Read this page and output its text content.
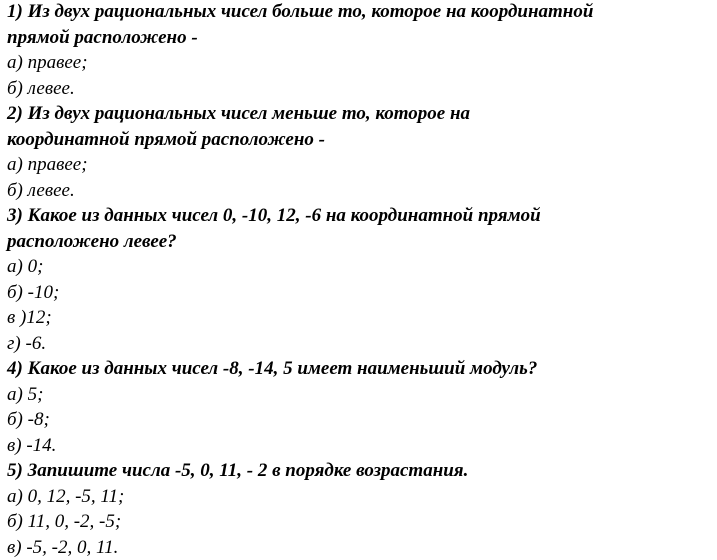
1) Из двух рациональных чисел больше то, которое на координатной
прямой расположено -
а) правее;
б) левее.
2) Из двух рациональных чисел меньше то, которое на
координатной прямой расположено -
а) правее;
б) левее.
3) Какое из данных чисел 0, -10, 12, -6 на координатной прямой
расположено левее?
а) 0;
б) -10;
в )12;
г) -6.
4) Какое из данных чисел -8, -14, 5 имеет наименьший модуль?
а) 5;
б) -8;
в) -14.
5) Запишите числа -5, 0, 11, - 2 в порядке возрастания.
а) 0, 12, -5, 11;
б) 11, 0, -2, -5;
в) -5, -2, 0, 11.
